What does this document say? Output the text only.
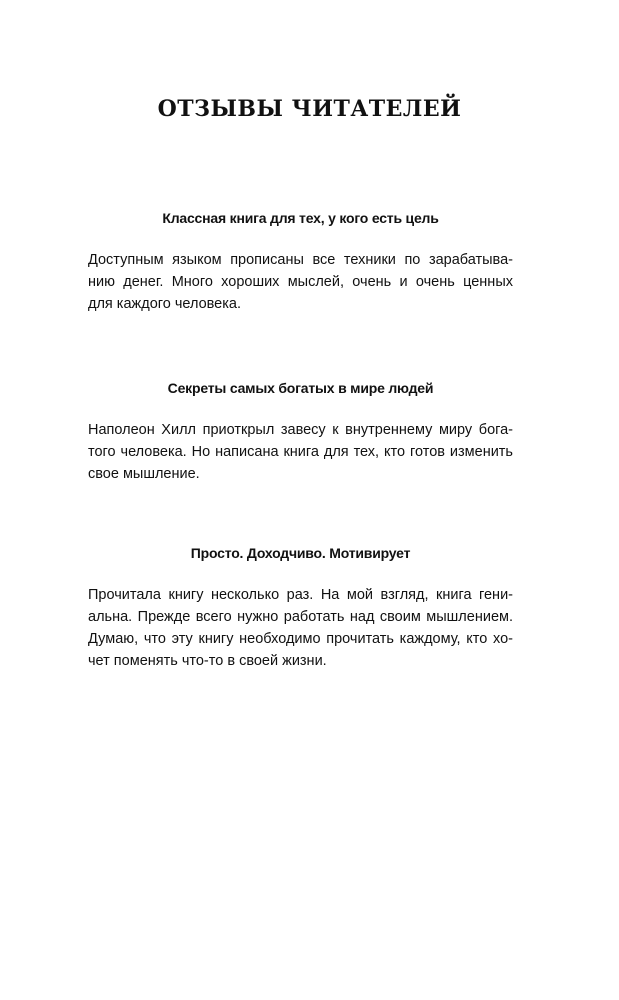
ОТЗЫВЫ ЧИТАТЕЛЕЙ
Классная книга для тех, у кого есть цель

Доступным языком прописаны все техники по зарабатыва-
нию денег. Много хороших мыслей, очень и очень ценных
для каждого человека.

Секреты самых богатых в мире людей

Наполеон Хилл приоткрыл завесу к внутреннему миру бога-
того человека. Но написана книга для тех, кто готов изменить
свое мышление.

Просто. Доходчиво. Мотивирует

Прочитала книгу несколько раз. На мой взгляд, книга гени-
альна. Прежде всего нужно работать над своим мышлением.
Думаю, что эту книгу необходимо прочитать каждому, кто хо-
чет поменять что-то в своей жизни.
